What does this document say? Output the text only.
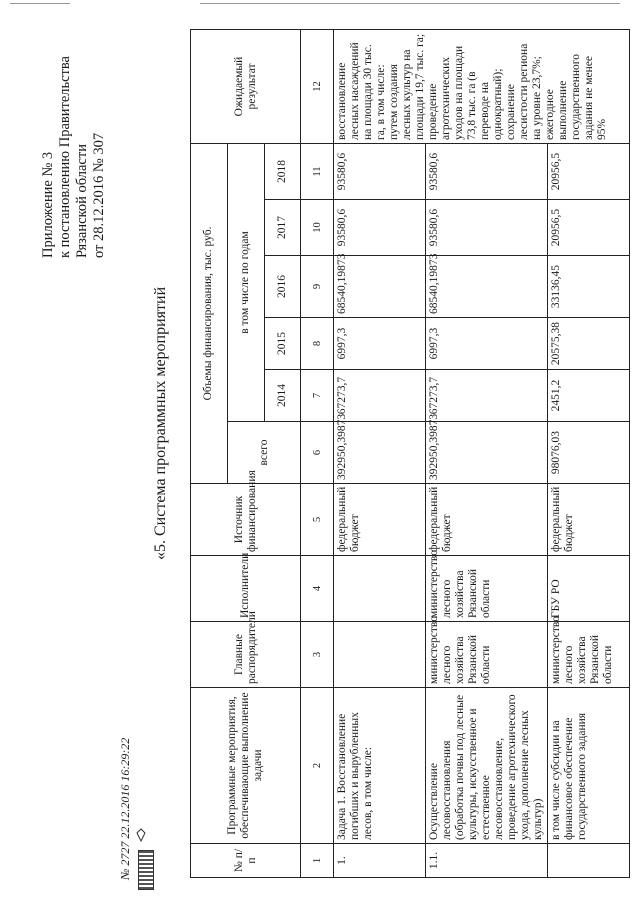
Приложение № 3 к постановлению Правительства Рязанской области от 28.12.2016 № 307
«5. Система программных мероприятий
№ п/п	Программные мероприятия, обеспечивающие выполнение задачи	Главные распорядители	Исполнители	Источник финансирования	Объемы финансирования, тыс. руб.						Ожидаемый результат
					всего	в том числе по годам					
						2014	2015	2016	2017	2018	
1	2	3	4	5	6	7	8	9	10	11	12
1.	Задача 1. Восстановление погибших и вырубленных лесов, в том числе:			федеральный бюджет	392950,39873	67273,7	6997,3	68540,19873	93580,6	93580,6	восстановление лесных насаждений на площади 30 тыс. га, в том числе: путем создания лесных культур на площади 19,7 тыс. га; проведение агротехнических уходов на площади 73,8 тыс. га (в переводе на однократный); сохранение лесистости региона на уровне 23,7%; ежегодное выполнение государственного задания не менее 95%
1.1.	Осуществление лесовосстановления (обработка почвы под лесные культуры, искусственное и естественное лесовосстановление, проведение агротехнического ухода, дополнение лесных культур)	министерство лесного хозяйства Рязанской области	министерство лесного хозяйства Рязанской области	федеральный бюджет	392950,39873	67273,7	6997,3	68540,19873	93580,6	93580,6	
	в том числе субсидии на финансовое обеспечение государственного задания	министерство лесного хозяйства Рязанской области	ГБУ РО	федеральный бюджет	98076,03	2451,2	20575,38	33136,45	20956,5	20956,5	
№ 2727 22.12.2016 16:29:22
